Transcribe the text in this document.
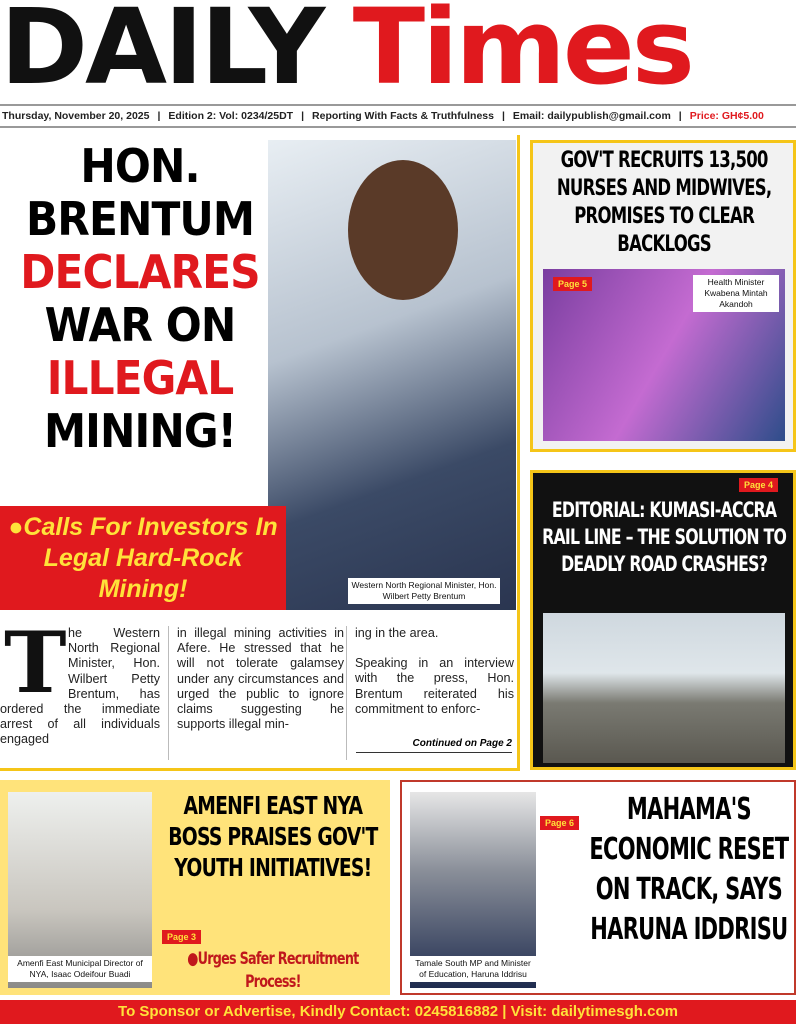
DAILY Times
Thursday, November 20, 2025 | Edition 2: Vol: 0234/25DT | Reporting With Facts & Truthfulness | Email: dailypublish@gmail.com | Price: GH¢5.00
HON.
BRENTUM
DECLARES
WAR ON
ILLEGAL
MINING!
●Calls For Investors In Legal Hard-Rock Mining!	Western North Regional Minister, Hon. Wilbert Petty Brentum
T he Western North Regional Minister, Hon. Wilbert Petty Brentum, has ordered the immediate arrest of all individuals engaged
in illegal mining activities in Afere. He stressed that he will not tolerate galamsey under any circumstances and urged the public to ignore claims suggesting he supports illegal min-
ing in the area.
Speaking in an interview with the press, Hon. Brentum reiterated his commitment to enforc-
Continued on Page 2
GOV'T RECRUITS 13,500 NURSES AND MIDWIVES, PROMISES TO CLEAR BACKLOGS
Page 5	Health Minister Kwabena Mintah Akandoh
Page 4
EDITORIAL: KUMASI-ACCRA RAIL LINE – THE SOLUTION TO DEADLY ROAD CRASHES?
Amenfi East Municipal Director of NYA, Isaac Odeifour Buadi
AMENFI EAST NYA BOSS PRAISES GOV'T YOUTH INITIATIVES!
Page 3
●Urges Safer Recruitment Process!
Tamale South MP and Minister of Education, Haruna Iddrisu
Page 6	MAHAMA'S ECONOMIC RESET ON TRACK, SAYS HARUNA IDDRISU
To Sponsor or Advertise, Kindly Contact: 0245816882 | Visit: dailytimesgh.com
